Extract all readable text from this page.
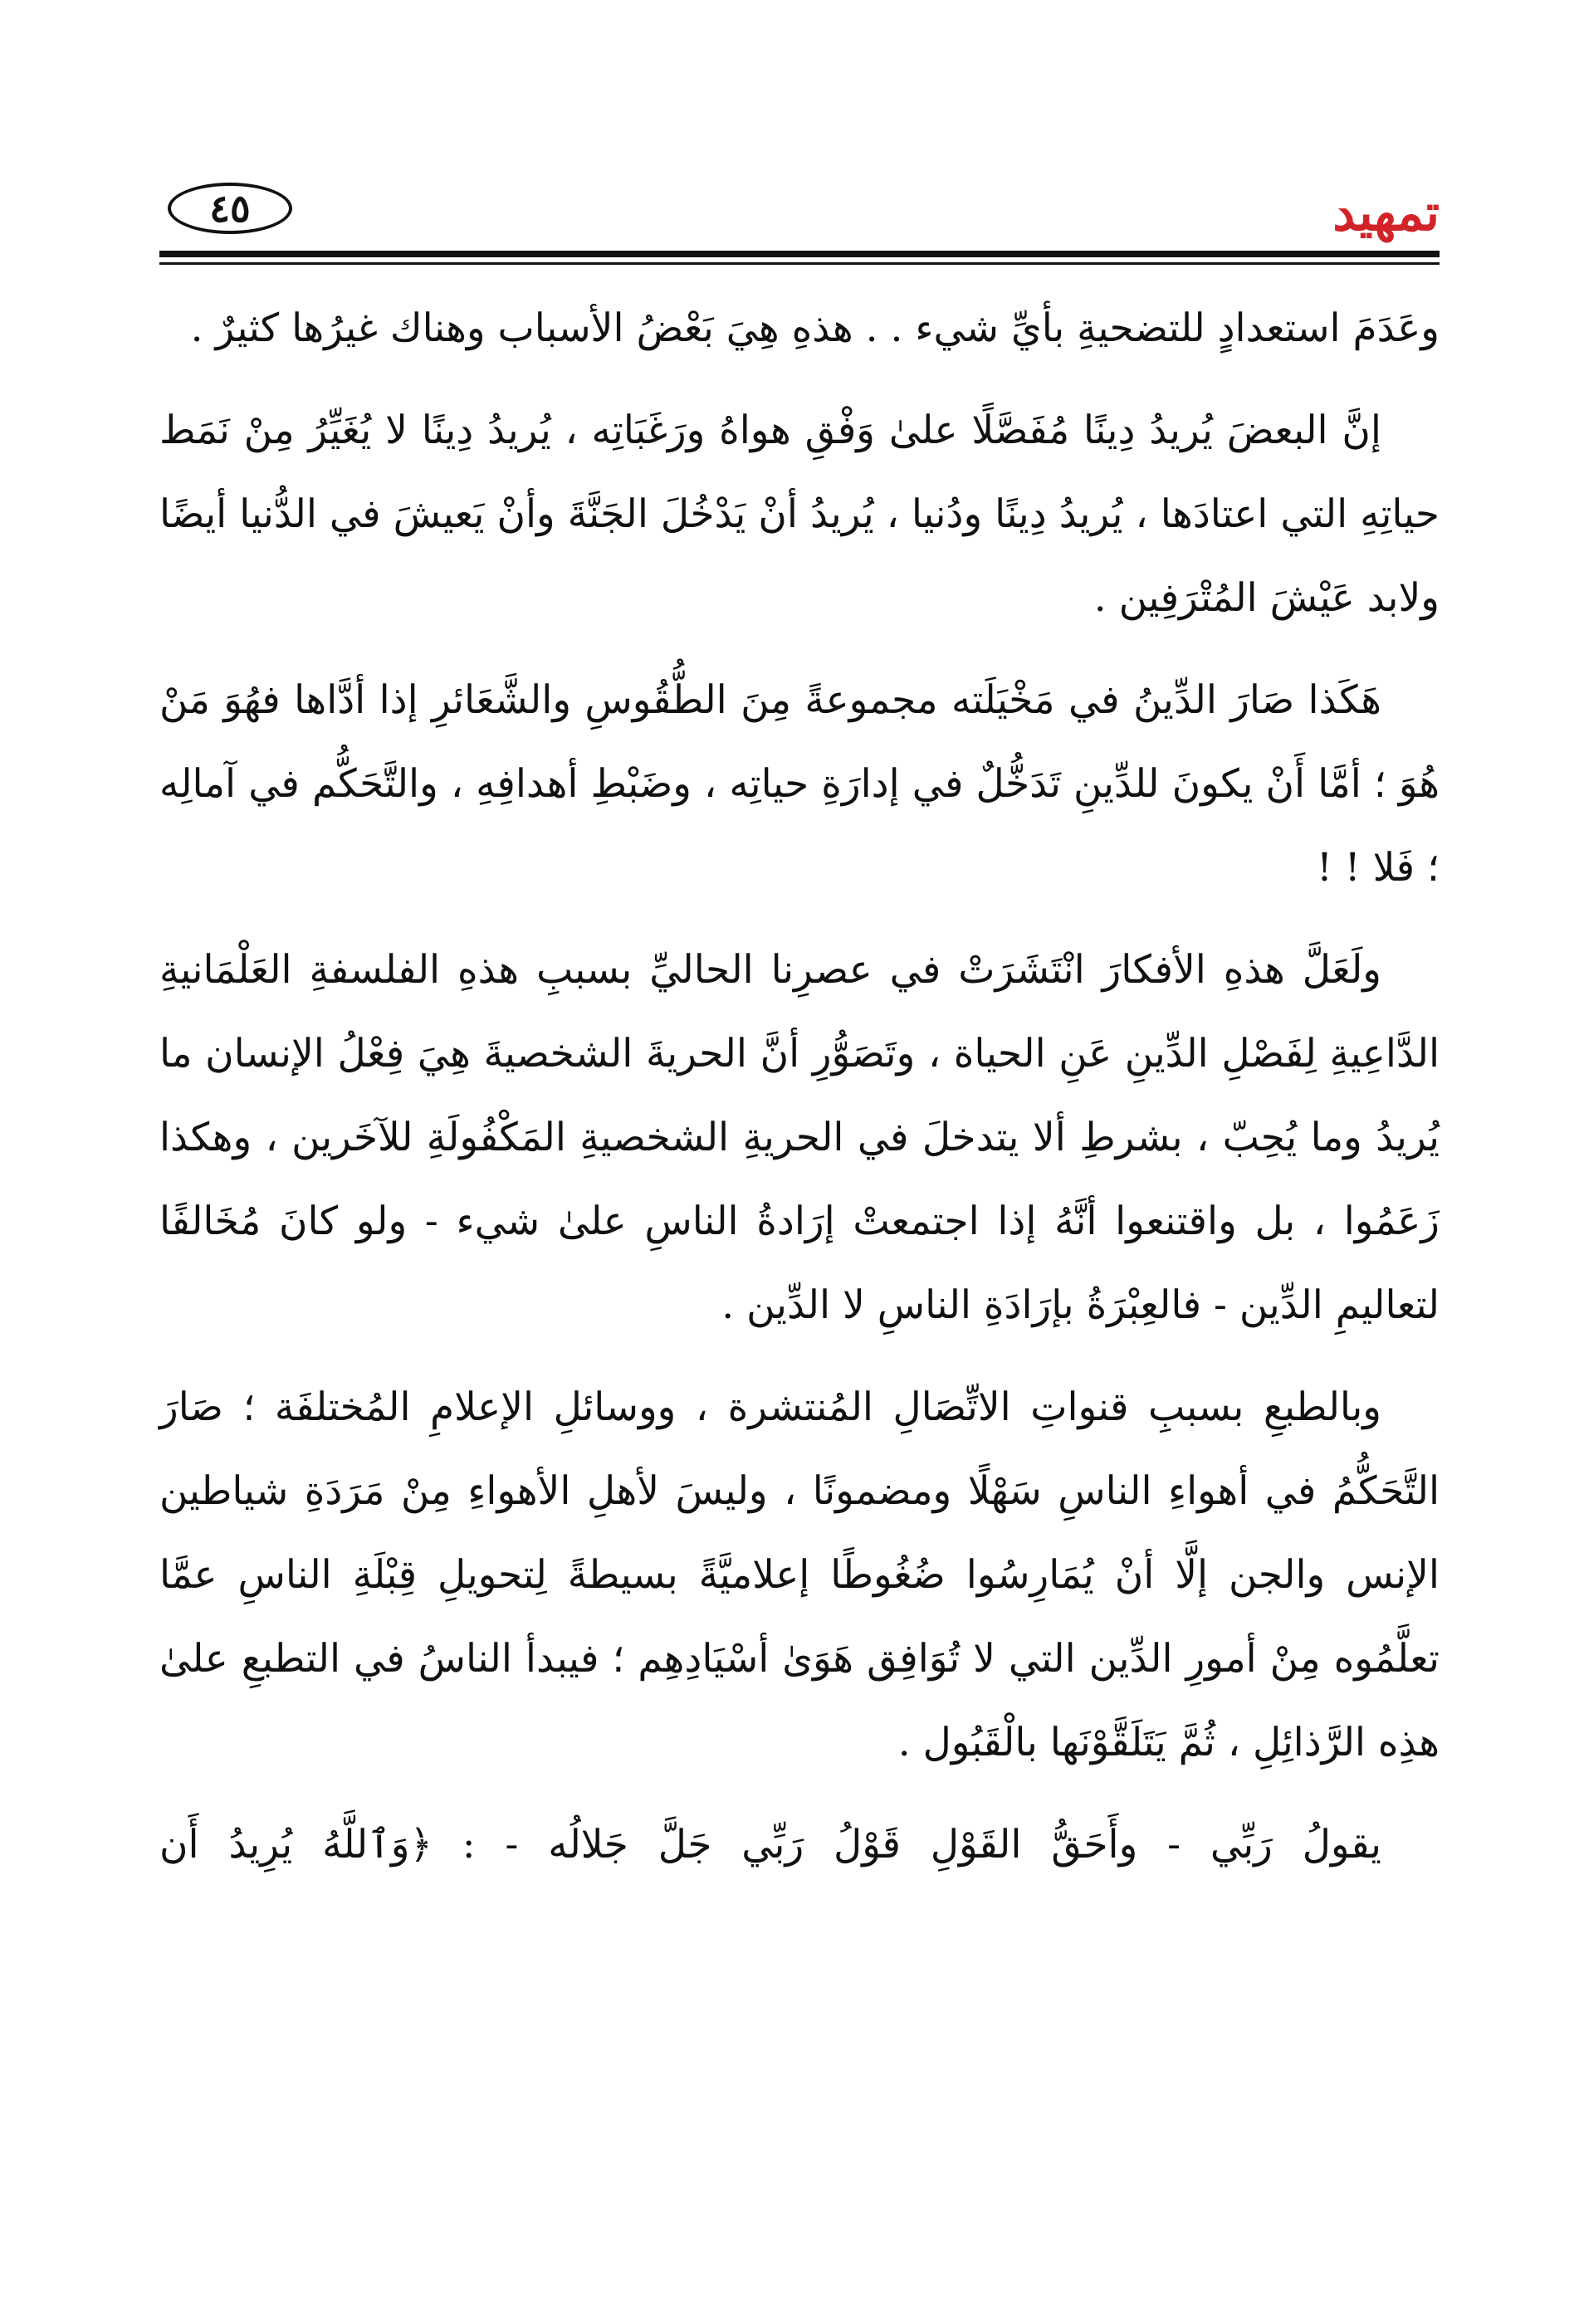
تمهيد
٤٥

وعَدَمَ استعدادٍ للتضحيةِ بأيِّ شيء . . هذهِ هِيَ بَعْضُ الأسباب وهناك غيرُها كثيرٌ .

إنَّ البعضَ يُريدُ دِينًا مُفَصَّلًا علىٰ وَفْقِ هواهُ ورَغَبَاتِه ، يُريدُ دِينًا لا يُغَيِّرُ مِنْ نَمَط حياتِهِ التي اعتادَها ، يُريدُ دِينًا ودُنيا ، يُريدُ أنْ يَدْخُلَ الجَنَّةَ وأنْ يَعيشَ في الدُّنيا أيضًا ولابد عَيْشَ المُتْرَفِين .

هَكَذا صَارَ الدِّينُ في مَخْيَلَته مجموعةً مِنَ الطُّقُوسِ والشَّعَائرِ إذا أدَّاها فهُوَ مَنْ هُوَ ؛ أمَّا أَنْ يكونَ للدِّينِ تَدَخُّلٌ في إدارَةِ حياتِه ، وضَبْطِ أهدافِهِ ، والتَّحَكُّم في آمالِه ؛ فَلا ! !

ولَعَلَّ هذهِ الأفكارَ انْتَشَرَتْ في عصرِنا الحاليِّ بسببِ هذهِ الفلسفةِ العَلْمَانيةِ الدَّاعِيةِ لِفَصْلِ الدِّينِ عَنِ الحياة ، وتَصَوُّرِ أنَّ الحريةَ الشخصيةَ هِيَ فِعْلُ الإنسان ما يُريدُ وما يُحِبّ ، بشرطِ ألا يتدخلَ في الحريةِ الشخصيةِ المَكْفُولَةِ للآخَرين ، وهكذا زَعَمُوا ، بل واقتنعوا أنَّهُ إذا اجتمعتْ إرَادةُ الناسِ علىٰ شيء - ولو كانَ مُخَالفًا لتعاليمِ الدِّين - فالعِبْرَةُ بإرَادَةِ الناسِ لا الدِّين .

وبالطبعِ بسببِ قنواتِ الاتِّصَالِ المُنتشرة ، ووسائلِ الإعلامِ المُختلفَة ؛ صَارَ التَّحَكُّمُ في أهواءِ الناسِ سَهْلًا ومضمونًا ، وليسَ لأهلِ الأهواءِ مِنْ مَرَدَةِ شياطين الإنس والجن إلَّا أنْ يُمَارِسُوا ضُغُوطًا إعلاميَّةً بسيطةً لِتحويلِ قِبْلَةِ الناسِ عمَّا تعلَّمُوه مِنْ أمورِ الدِّين التي لا تُوَافِق هَوَىٰ أسْيَادِهِم ؛ فيبدأ الناسُ في التطبعِ علىٰ هذِه الرَّذائِلِ ، ثُمَّ يَتَلَقَّوْنَها بالْقَبُول .

يقولُ رَبِّي - وأَحَقُّ القَوْلِ قَوْلُ رَبِّي جَلَّ جَلالُه - : ﴿وَٱللَّهُ يُرِيدُ أَن
